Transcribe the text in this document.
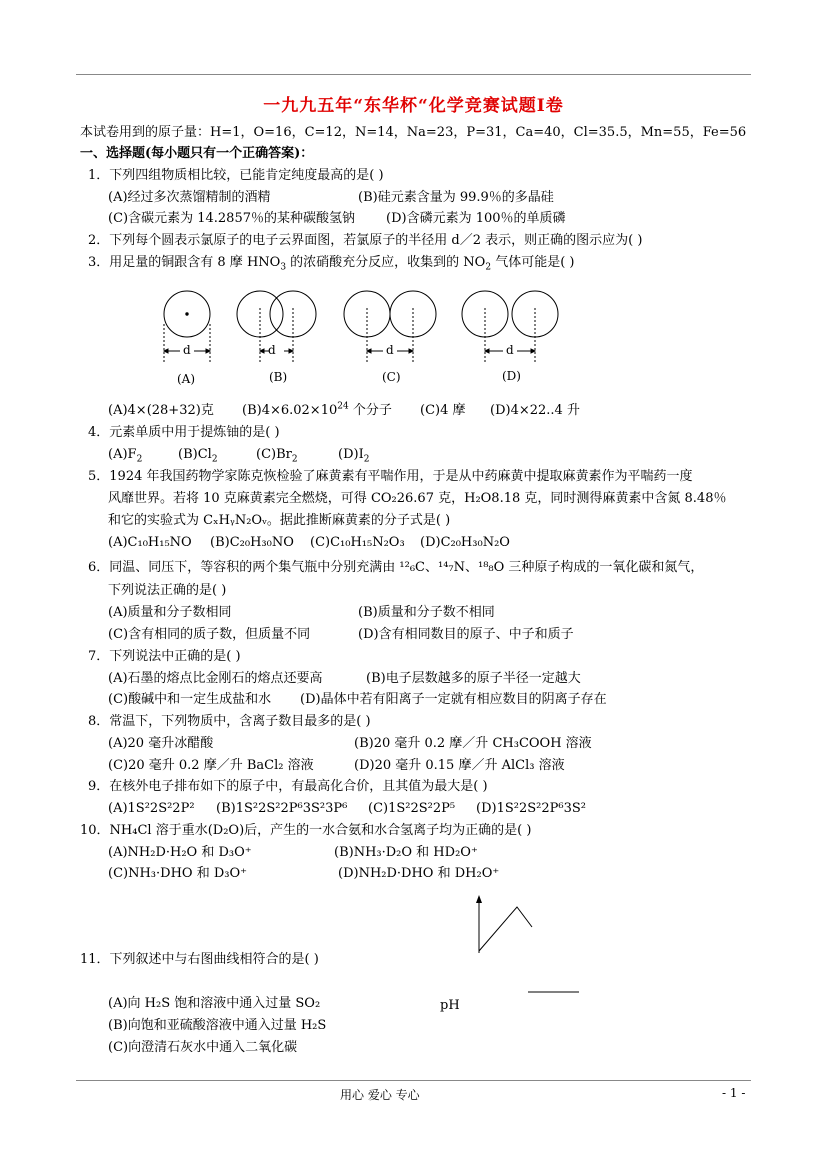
一九九五年“东华杯“化学竞赛试题Ⅰ卷
本试卷用到的原子量：H=1，O=16，C=12，N=14，Na=23，P=31，Ca=40，Cl=35.5，Mn=55，Fe=56
一、选择题(每小题只有一个正确答案)：
1．下列四组物质相比较，已能肯定纯度最高的是( )
(A)经过多次蒸馏精制的酒精	(B)硅元素含量为 99.9％的多晶硅
(C)含碳元素为 14.2857％的某种碳酸氢钠 (D)含磷元素为 100％的单质磷
2．下列每个圆表示氯原子的电子云界面图，若氯原子的半径用 d／2 表示，则正确的图示应为( )
3．用足量的铜跟含有 8 摩 $HNO_3$ 的浓硝酸充分反应，收集到的 $NO_2$ 气体可能是( )
d	d	d	d
(A)	(B)	(C)	(D)
(A)4×(28+32)克 $(B)4\times 6.02\times 10^{24}$ 个分子 (C)4 摩 (D)4×22..4 升
4．元素单质中用于提炼铀的是( )
$(A)F_2$	$(B)Cl_2$	$(C)Br_2$	$(D)I_2$
5．1924 年我国药物学家陈克恢检验了麻黄素有平喘作用，于是从中药麻黄中提取麻黄素作为平喘药一度
风靡世界。若将 10 克麻黄素完全燃烧，可得 CO₂26.67 克，H₂O8.18 克，同时测得麻黄素中含氮 8.48％
和它的实验式为 CₓHᵧN₂Oᵥ。据此推断麻黄素的分子式是( )
(A)C₁₀H₁₅NO (B)C₂₀H₃₀NO (C)C₁₀H₁₅N₂O₃ (D)C₂₀H₃₀N₂O
6．同温、同压下，等容积的两个集气瓶中分别充满由 ¹²₆C、¹⁴₇N、¹⁸₈O 三种原子构成的一氧化碳和氮气，
下列说法正确的是( )
(A)质量和分子数相同	(B)质量和分子数不相同
(C)含有相同的质子数，但质量不同	(D)含有相同数目的原子、中子和质子
7．下列说法中正确的是( )
(A)石墨的熔点比金刚石的熔点还要高	(B)电子层数越多的原子半径一定越大
(C)酸碱中和一定生成盐和水 (D)晶体中若有阳离子一定就有相应数目的阴离子存在
8．常温下，下列物质中，含离子数目最多的是( )
(A)20 毫升冰醋酸	(B)20 毫升 0.2 摩／升 CH₃COOH 溶液
(C)20 毫升 0.2 摩／升 BaCl₂ 溶液	(D)20 毫升 0.15 摩／升 AlCl₃ 溶液
9．在核外电子排布如下的原子中，有最高化合价，且其值为最大是( )
(A)1S²2S²2P² (B)1S²2S²2P⁶3S²3P⁶ (C)1S²2S²2P⁵ (D)1S²2S²2P⁶3S²
10．NH₄Cl 溶于重水(D₂O)后，产生的一水合氨和水合氢离子均为正确的是( )
(A)NH₂D·H₂O 和 D₃O⁺	(B)NH₃·D₂O 和 HD₂O⁺
(C)NH₃·DHO 和 D₃O⁺	(D)NH₂D·DHO 和 DH₂O⁺
pH
11．下列叙述中与右图曲线相符合的是( )
(A)向 H₂S 饱和溶液中通入过量 SO₂
(B)向饱和亚硫酸溶液中通入过量 H₂S
(C)向澄清石灰水中通入二氧化碳
用心 爱心 专心	- 1 -
